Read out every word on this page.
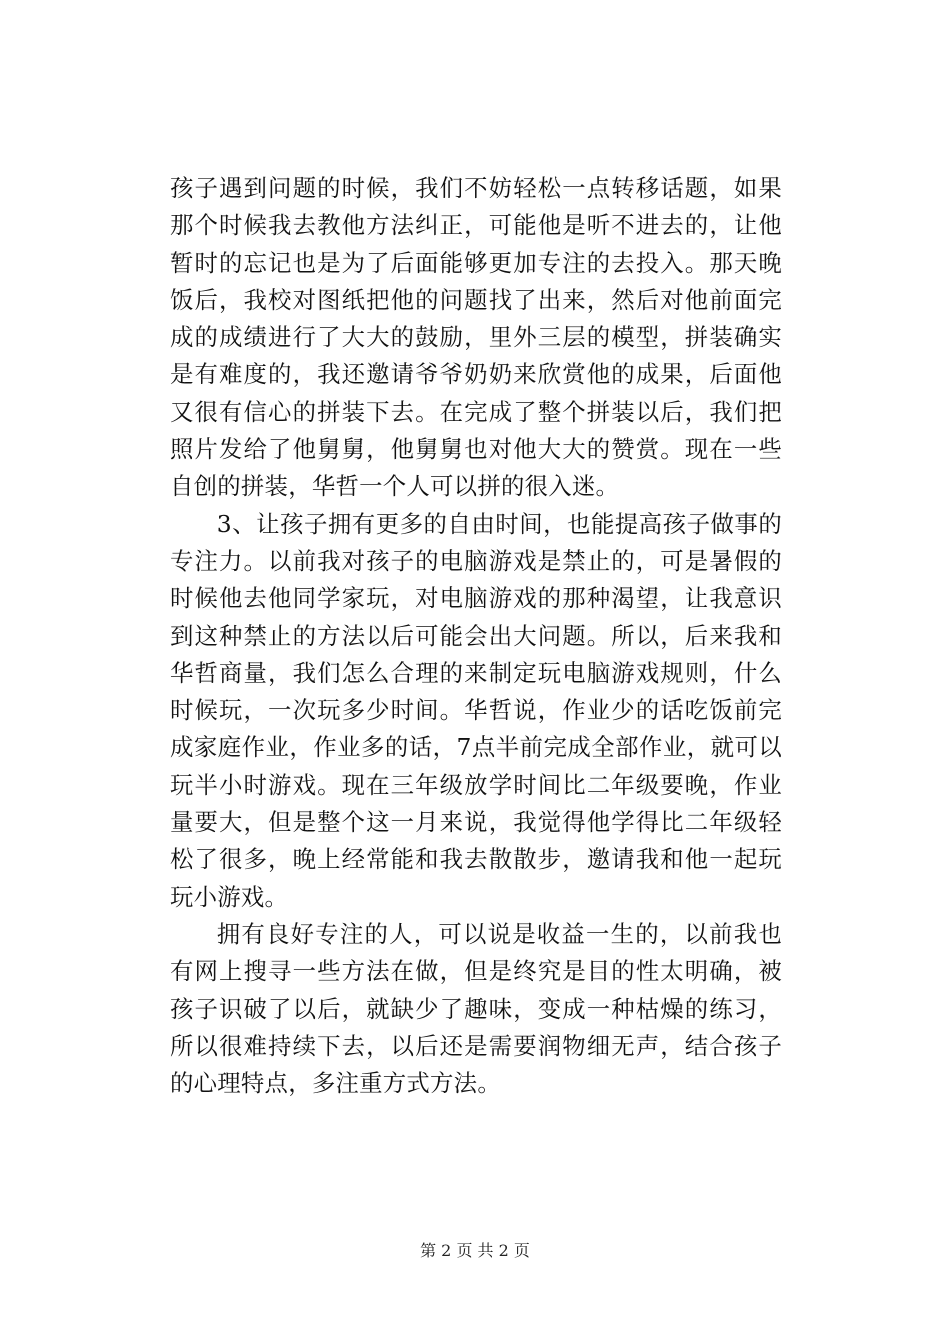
孩子遇到问题的时候，我们不妨轻松一点转移话题，如果那个时候我去教他方法纠正，可能他是听不进去的，让他暂时的忘记也是为了后面能够更加专注的去投入。那天晚饭后，我校对图纸把他的问题找了出来，然后对他前面完成的成绩进行了大大的鼓励，里外三层的模型，拼装确实是有难度的，我还邀请爷爷奶奶来欣赏他的成果，后面他又很有信心的拼装下去。在完成了整个拼装以后，我们把照片发给了他舅舅，他舅舅也对他大大的赞赏。现在一些自创的拼装，华哲一个人可以拼的很入迷。

3、让孩子拥有更多的自由时间，也能提高孩子做事的专注力。以前我对孩子的电脑游戏是禁止的，可是暑假的时候他去他同学家玩，对电脑游戏的那种渴望，让我意识到这种禁止的方法以后可能会出大问题。所以，后来我和华哲商量，我们怎么合理的来制定玩电脑游戏规则，什么时候玩，一次玩多少时间。华哲说，作业少的话吃饭前完成家庭作业，作业多的话，7点半前完成全部作业，就可以玩半小时游戏。现在三年级放学时间比二年级要晚，作业量要大，但是整个这一月来说，我觉得他学得比二年级轻松了很多，晚上经常能和我去散散步，邀请我和他一起玩玩小游戏。

拥有良好专注的人，可以说是收益一生的，以前我也有网上搜寻一些方法在做，但是终究是目的性太明确，被孩子识破了以后，就缺少了趣味，变成一种枯燥的练习，所以很难持续下去，以后还是需要润物细无声，结合孩子的心理特点，多注重方式方法。

第 2 页 共 2 页
